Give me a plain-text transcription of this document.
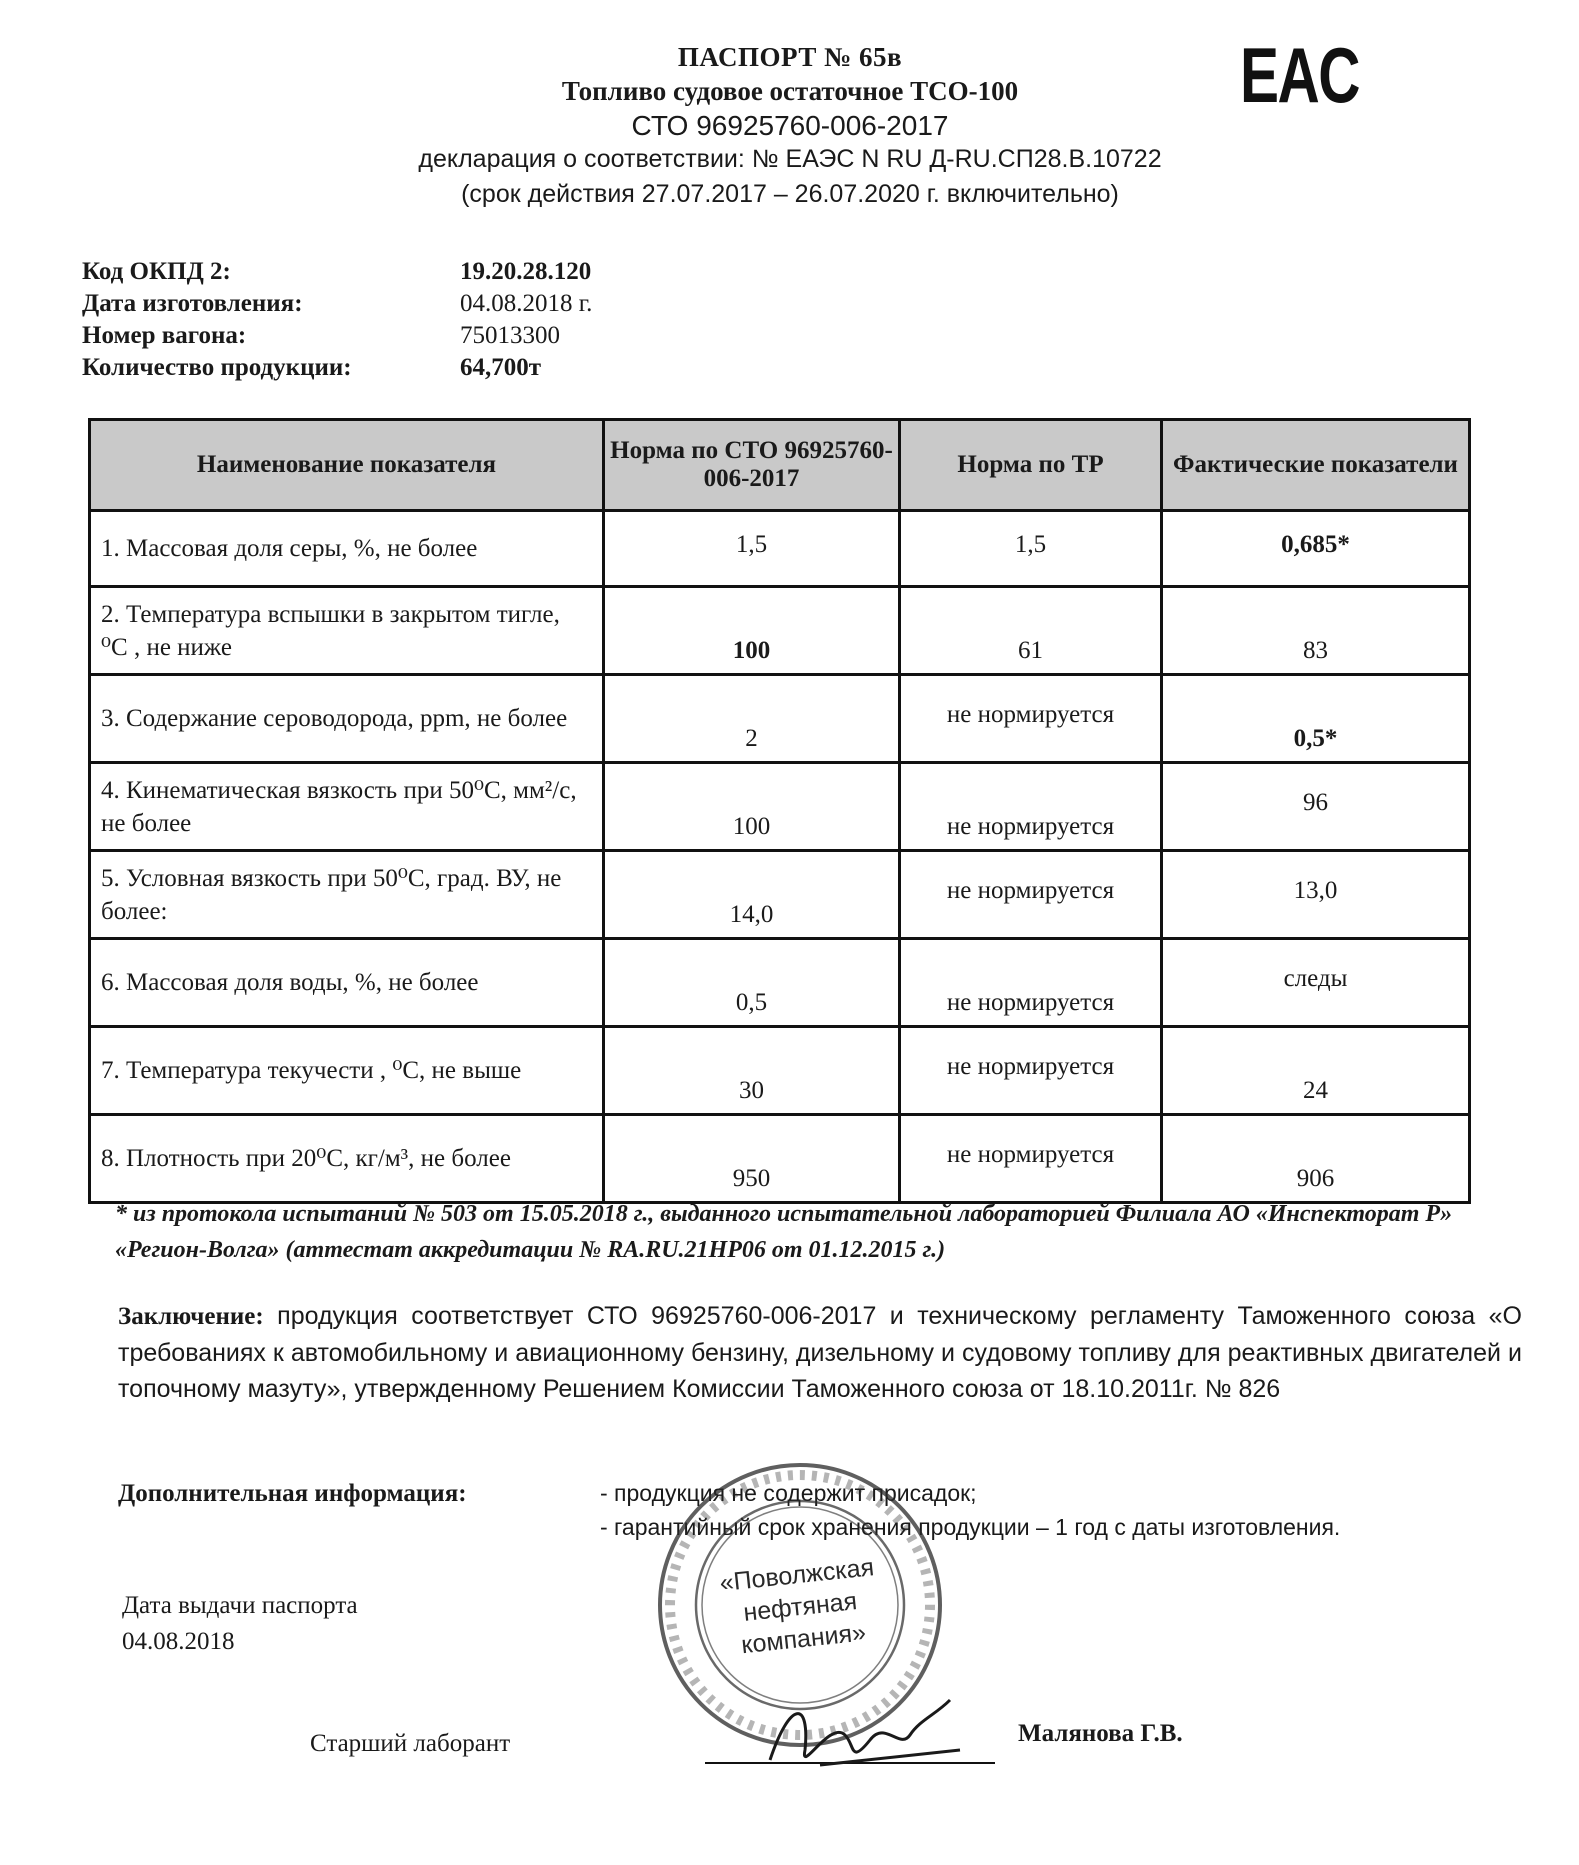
ПАСПОРТ № 65в
Топливо судовое остаточное ТСО-100
СТО 96925760-006-2017
декларация о соответствии: № ЕАЭС N RU Д-RU.СП28.В.10722
(срок действия 27.07.2017 – 26.07.2020 г. включительно)
EAC
Код ОКПД 2:	19.20.28.120
Дата изготовления:	04.08.2018 г.
Номер вагона:	75013300
Количество продукции:	64,700т
Наименование показателя	Норма по СТО 96925760-006-2017	Норма по ТР	Фактические показатели
1. Массовая доля серы, %, не более	1,5	1,5	0,685*
2. Температура вспышки в закрытом тигле, ⁰С , не ниже	100	61	83
3. Содержание сероводорода, ppm, не более	2	не нормируется	0,5*
4. Кинематическая вязкость при 50⁰С, мм²/с, не более	100	не нормируется	96
5. Условная вязкость при 50⁰С, град. ВУ, не более:	14,0	не нормируется	13,0
6. Массовая доля воды, %, не более	0,5	не нормируется	следы
7. Температура текучести , ⁰С, не выше	30	не нормируется	24
8. Плотность при 20⁰С, кг/м³, не более	950	не нормируется	906
* из протокола испытаний № 503 от 15.05.2018 г., выданного испытательной лабораторией Филиала АО «Инспекторат Р» «Регион-Волга» (аттестат аккредитации № RA.RU.21HP06 от 01.12.2015 г.)
Заключение: продукция соответствует СТО 96925760-006-2017 и техническому регламенту Таможенного союза «О требованиях к автомобильному и авиационному бензину, дизельному и судовому топливу для реактивных двигателей и топочному мазуту», утвержденному Решением Комиссии Таможенного союза от 18.10.2011г. № 826
Дополнительная информация:	- продукция не содержит присадок;
- гарантийный срок хранения продукции – 1 год с даты изготовления.
Дата выдачи паспорта
04.08.2018
«Поволжская
нефтяная
компания»
Старший лаборант	Малянова Г.В.
